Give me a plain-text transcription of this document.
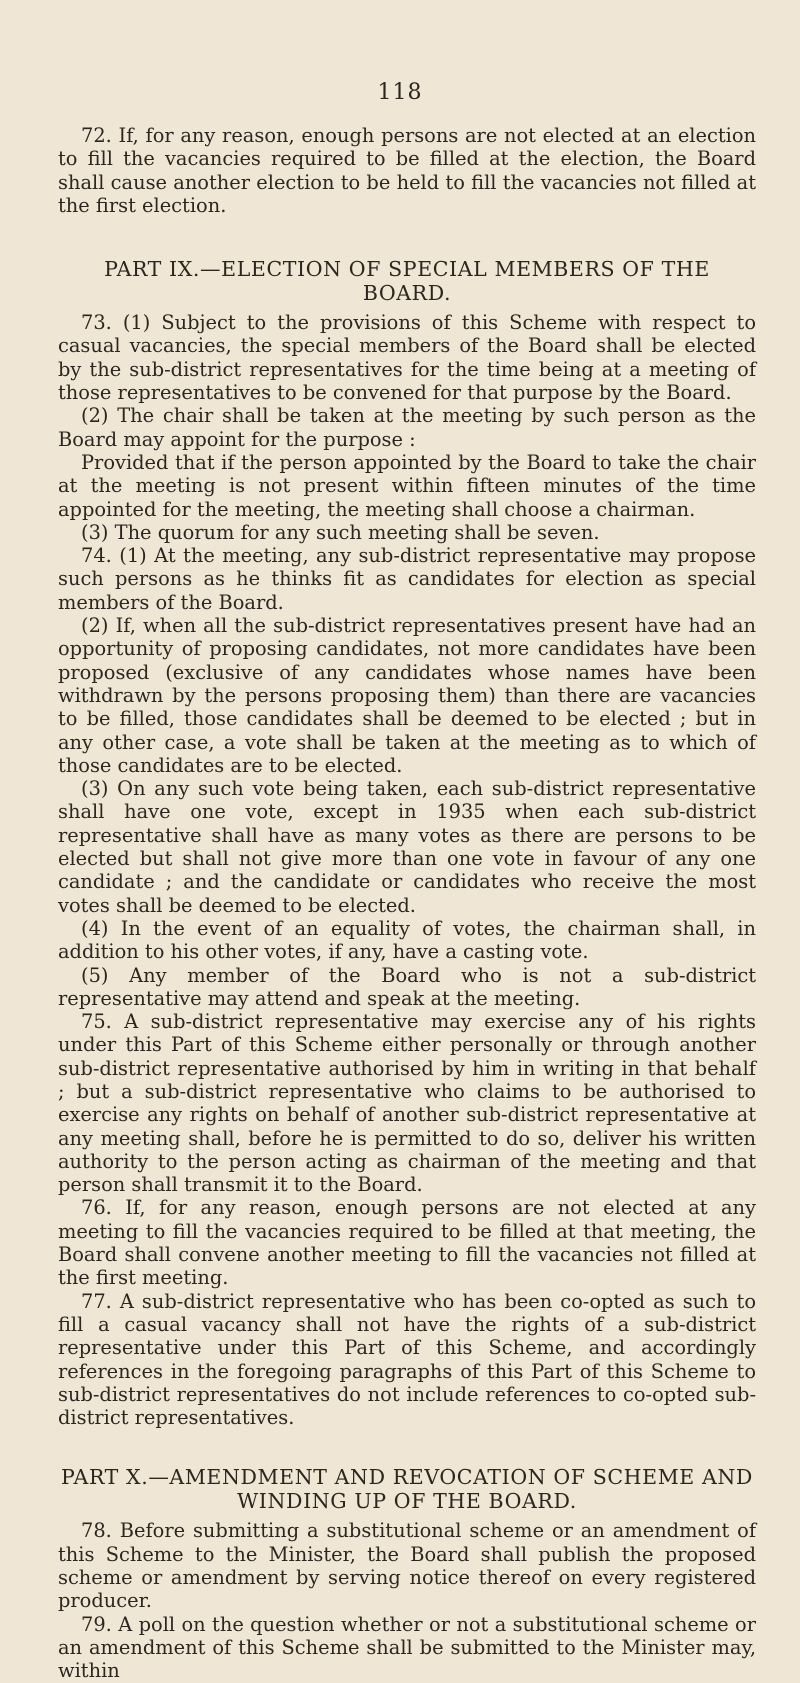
118

72. If, for any reason, enough persons are not elected at an election to fill the vacancies required to be filled at the election, the Board shall cause another election to be held to fill the vacancies not filled at the first election.

PART IX.—ELECTION OF SPECIAL MEMBERS OF THE BOARD.

73. (1) Subject to the provisions of this Scheme with respect to casual vacancies, the special members of the Board shall be elected by the sub-district representatives for the time being at a meeting of those representatives to be convened for that purpose by the Board.

(2) The chair shall be taken at the meeting by such person as the Board may appoint for the purpose :

Provided that if the person appointed by the Board to take the chair at the meeting is not present within fifteen minutes of the time appointed for the meeting, the meeting shall choose a chairman.

(3) The quorum for any such meeting shall be seven.

74. (1) At the meeting, any sub-district representative may propose such persons as he thinks fit as candidates for election as special members of the Board.

(2) If, when all the sub-district representatives present have had an opportunity of proposing candidates, not more candidates have been proposed (exclusive of any candidates whose names have been withdrawn by the persons proposing them) than there are vacancies to be filled, those candidates shall be deemed to be elected ; but in any other case, a vote shall be taken at the meeting as to which of those candidates are to be elected.

(3) On any such vote being taken, each sub-district representative shall have one vote, except in 1935 when each sub-district representative shall have as many votes as there are persons to be elected but shall not give more than one vote in favour of any one candidate ; and the candidate or candidates who receive the most votes shall be deemed to be elected.

(4) In the event of an equality of votes, the chairman shall, in addition to his other votes, if any, have a casting vote.

(5) Any member of the Board who is not a sub-district representative may attend and speak at the meeting.

75. A sub-district representative may exercise any of his rights under this Part of this Scheme either personally or through another sub-district representative authorised by him in writing in that behalf ; but a sub-district representative who claims to be authorised to exercise any rights on behalf of another sub-district representative at any meeting shall, before he is permitted to do so, deliver his written authority to the person acting as chairman of the meeting and that person shall transmit it to the Board.

76. If, for any reason, enough persons are not elected at any meeting to fill the vacancies required to be filled at that meeting, the Board shall convene another meeting to fill the vacancies not filled at the first meeting.

77. A sub-district representative who has been co-opted as such to fill a casual vacancy shall not have the rights of a sub-district representative under this Part of this Scheme, and accordingly references in the foregoing paragraphs of this Part of this Scheme to sub-district representatives do not include references to co-opted sub-district representatives.

PART X.—AMENDMENT AND REVOCATION OF SCHEME AND WINDING UP OF THE BOARD.

78. Before submitting a substitutional scheme or an amendment of this Scheme to the Minister, the Board shall publish the proposed scheme or amendment by serving notice thereof on every registered producer.

79. A poll on the question whether or not a substitutional scheme or an amendment of this Scheme shall be submitted to the Minister may, within
